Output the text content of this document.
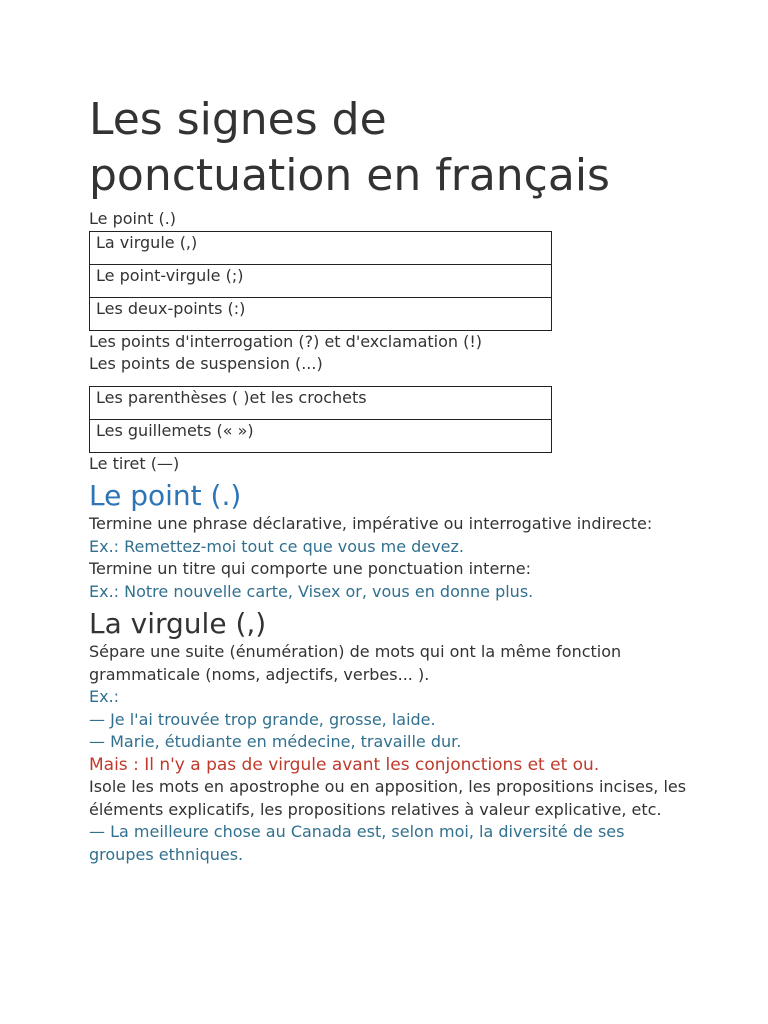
Les signes de
ponctuation en français

Le point (.)

La virgule (,)
Le point-virgule (;)
Les deux-points (:)

Les points d'interrogation (?) et d'exclamation (!)

Les points de suspension (...)

Les parenthèses ( )et les crochets
Les guillemets (« »)

Le tiret (—)

Le point (.)

Termine une phrase déclarative, impérative ou interrogative indirecte:

Ex.: Remettez-moi tout ce que vous me devez.

Termine un titre qui comporte une ponctuation interne:

Ex.: Notre nouvelle carte, Visex or, vous en donne plus.

La virgule (,)

Sépare une suite (énumération) de mots qui ont la même fonction grammaticale (noms, adjectifs, verbes... ).

Ex.:

— Je l'ai trouvée trop grande, grosse, laide.

— Marie, étudiante en médecine, travaille dur.

Mais : Il n'y a pas de virgule avant les conjonctions et et ou.

Isole les mots en apostrophe ou en apposition, les propositions incises, les éléments explicatifs, les propositions relatives à valeur explicative, etc.

— La meilleure chose au Canada est, selon moi, la diversité de ses groupes ethniques.
